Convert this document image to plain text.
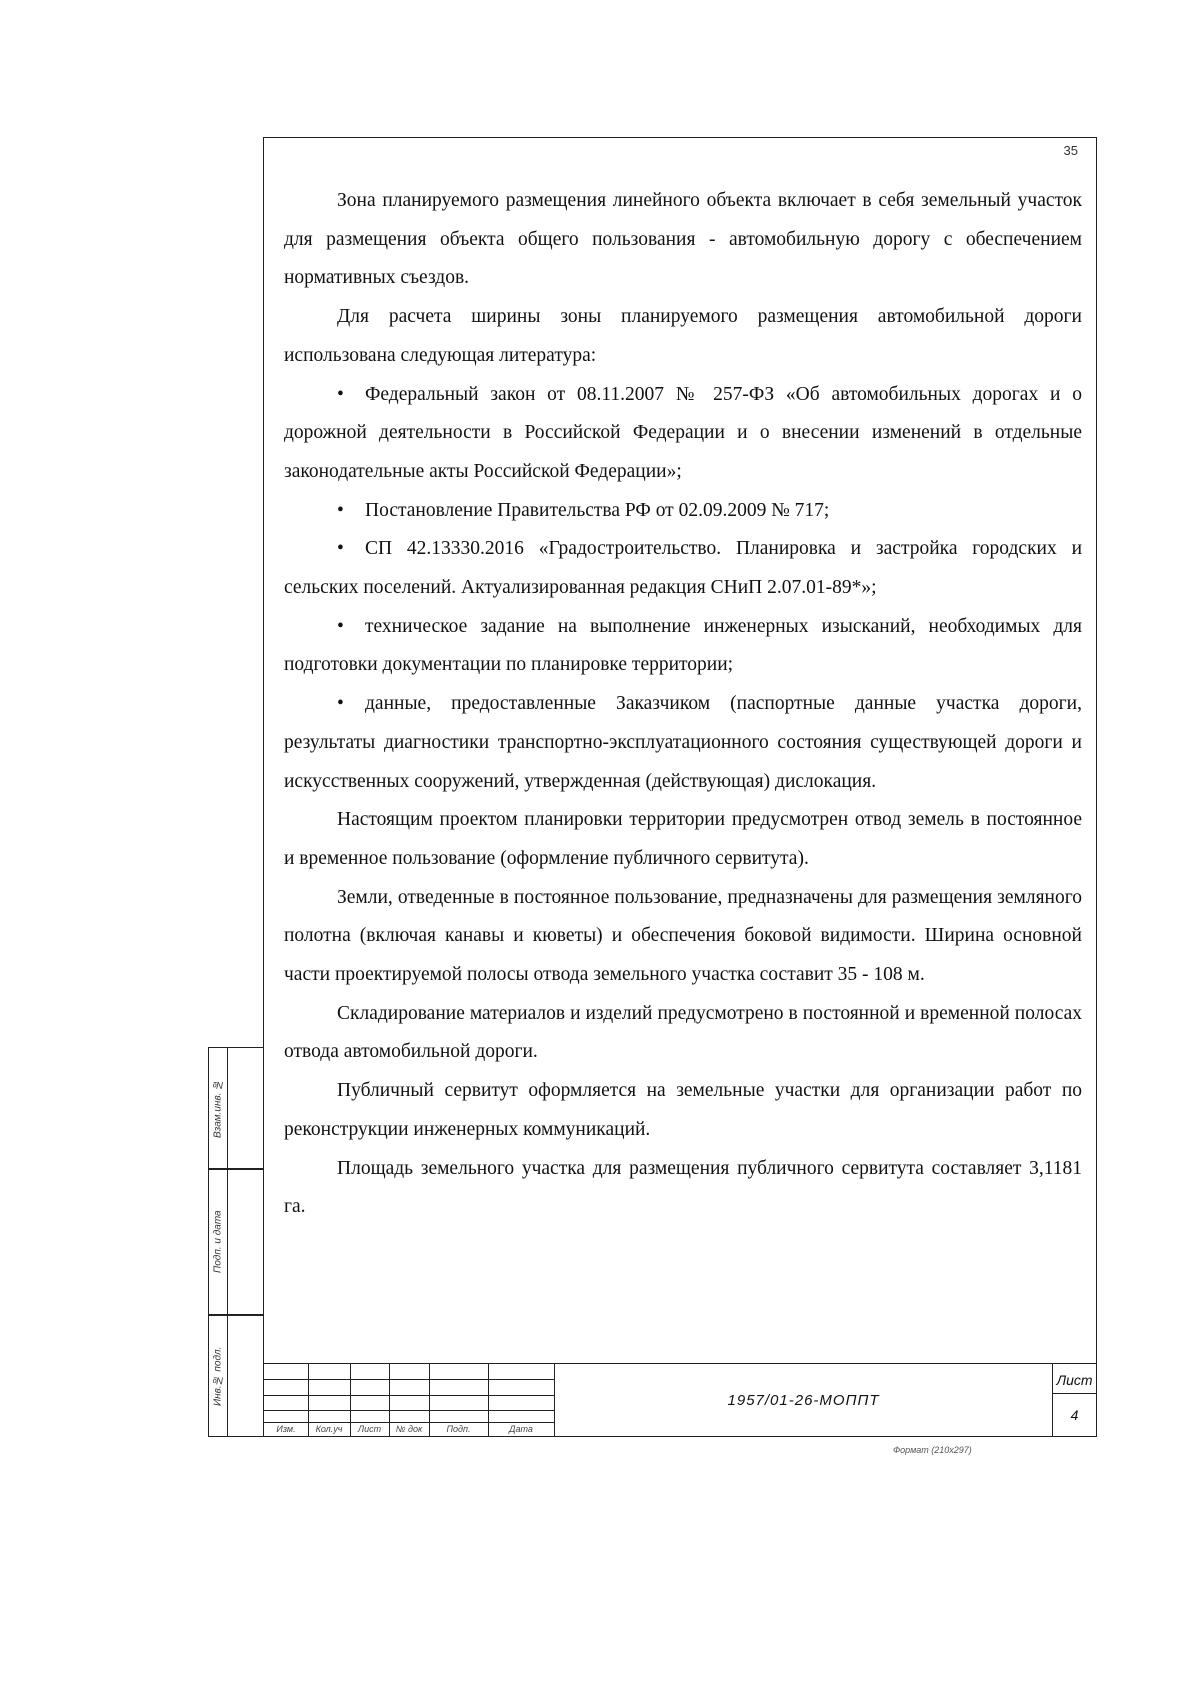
35

Зона планируемого размещения линейного объекта включает в себя земельный участок для размещения объекта общего пользования - автомобильную дорогу с обеспечением нормативных съездов.

Для расчета ширины зоны планируемого размещения автомобильной дороги использована следующая литература:

• Федеральный закон от 08.11.2007 № 257-ФЗ «Об автомобильных дорогах и о дорожной деятельности в Российской Федерации и о внесении изменений в отдельные законодательные акты Российской Федерации»;

• Постановление Правительства РФ от 02.09.2009 № 717;

• СП 42.13330.2016 «Градостроительство. Планировка и застройка городских и сельских поселений. Актуализированная редакция СНиП 2.07.01-89*»;

• техническое задание на выполнение инженерных изысканий, необходимых для подготовки документации по планировке территории;

• данные, предоставленные Заказчиком (паспортные данные участка дороги, результаты диагностики транспортно-эксплуатационного состояния существующей дороги и искусственных сооружений, утвержденная (действующая) дислокация.

Настоящим проектом планировки территории предусмотрен отвод земель в постоянное и временное пользование (оформление публичного сервитута).

Земли, отведенные в постоянное пользование, предназначены для размещения земляного полотна (включая канавы и кюветы) и обеспечения боковой видимости. Ширина основной части проектируемой полосы отвода земельного участка составит 35 - 108 м.

Складирование материалов и изделий предусмотрено в постоянной и временной полосах отвода автомобильной дороги.

Публичный сервитут оформляется на земельные участки для организации работ по реконструкции инженерных коммуникаций.

Площадь земельного участка для размещения публичного сервитута составляет 3,1181 га.

Изм.	Кол.уч	Лист	№ док	Подп.	Дата
1957/01-26-МОППТ
Лист
4
Взам.инв. №
Подп. и дата
Инв.№ подл.
Формат (210х297)
